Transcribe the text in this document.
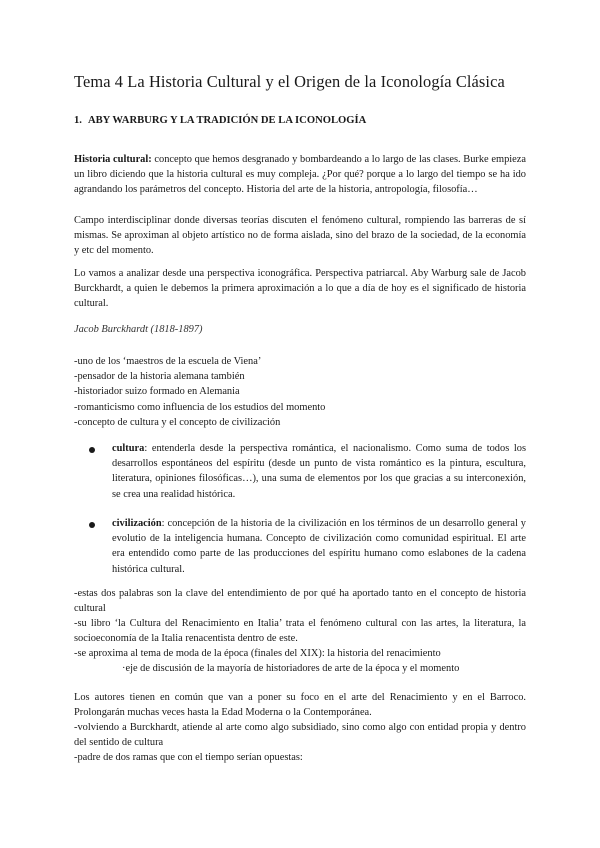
Tema 4 La Historia Cultural y el Origen de la Iconología Clásica
1. ABY WARBURG Y LA TRADICIÓN DE LA ICONOLOGÍA

Historia cultural: concepto que hemos desgranado y bombardeando a lo largo de las clases. Burke empieza un libro diciendo que la historia cultural es muy compleja. ¿Por qué? porque a lo largo del tiempo se ha ido agrandando los parámetros del concepto. Historia del arte de la historia, antropología, filosofía…

Campo interdisciplinar donde diversas teorías discuten el fenómeno cultural, rompiendo las barreras de sí mismas. Se aproximan al objeto artístico no de forma aislada, sino del brazo de la sociedad, de la economía y etc del momento.

Lo vamos a analizar desde una perspectiva iconográfica. Perspectiva patriarcal. Aby Warburg sale de Jacob Burckhardt, a quien le debemos la primera aproximación a lo que a día de hoy es el significado de historia cultural.

Jacob Burckhardt (1818-1897)
-uno de los ‘maestros de la escuela de Viena’
-pensador de la historia alemana también
-historiador suizo formado en Alemania
-romanticismo como influencia de los estudios del momento
-concepto de cultura y el concepto de civilización

cultura: entenderla desde la perspectiva romántica, el nacionalismo. Como suma de todos los desarrollos espontáneos del espíritu (desde un punto de vista romántico es la pintura, escultura, literatura, opiniones filosóficas…), una suma de elementos por los que gracias a su interconexión, se crea una realidad histórica.

civilización: concepción de la historia de la civilización en los términos de un desarrollo general y evolutio de la inteligencia humana. Concepto de civilización como comunidad espiritual. El arte era entendido como parte de las producciones del espíritu humano como eslabones de la cadena histórica cultural.

-estas dos palabras son la clave del entendimiento de por qué ha aportado tanto en el concepto de historia cultural

-su libro ‘la Cultura del Renacimiento en Italia’ trata el fenómeno cultural con las artes, la literatura, la socioeconomía de la Italia renacentista dentro de este.

-se aproxima al tema de moda de la época (finales del XIX): la historia del renacimiento

·eje de discusión de la mayoría de historiadores de arte de la época y el momento

Los autores tienen en común que van a poner su foco en el arte del Renacimiento y en el Barroco. Prolongarán muchas veces hasta la Edad Moderna o la Contemporánea.

-volviendo a Burckhardt, atiende al arte como algo subsidiado, sino como algo con entidad propia y dentro del sentido de cultura

-padre de dos ramas que con el tiempo serían opuestas:
